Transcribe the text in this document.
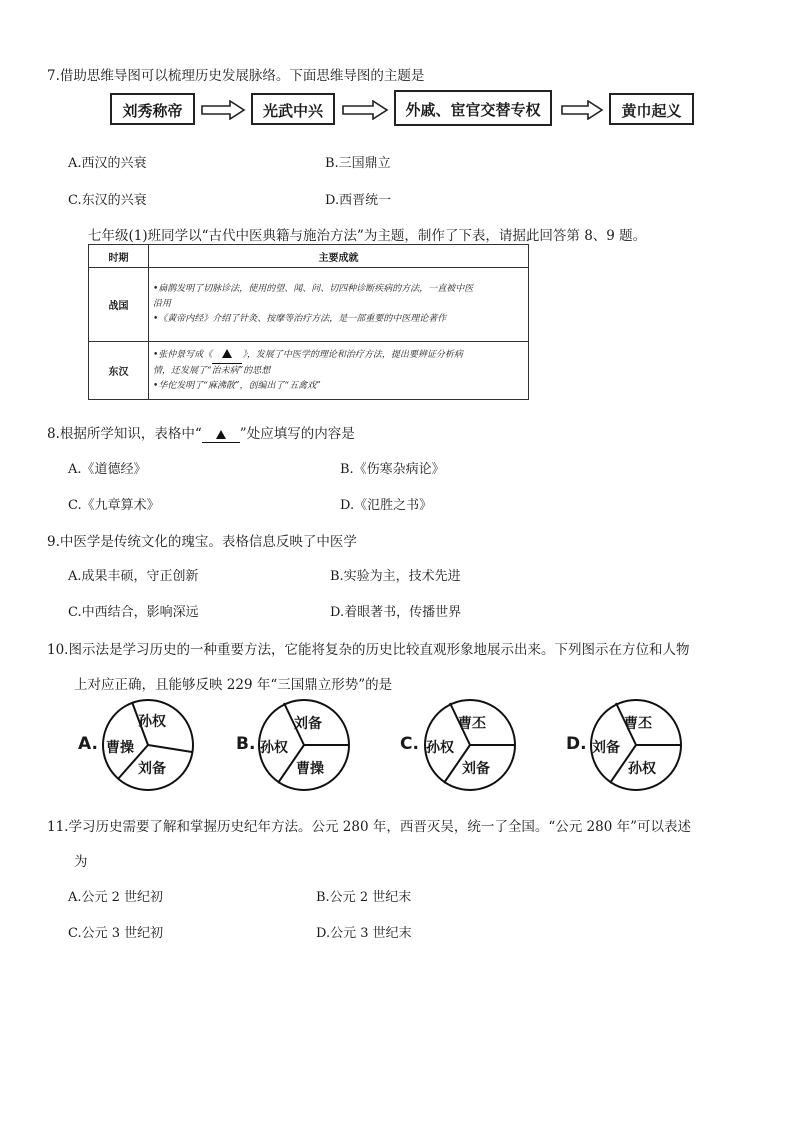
7.借助思维导图可以梳理历史发展脉络。下面思维导图的主题是
刘秀称帝	光武中兴	外戚、宦官交替专权	黄巾起义
A.西汉的兴衰	B.三国鼎立
C.东汉的兴衰	D.西晋统一
七年级(1)班同学以“古代中医典籍与施治方法”为主题，制作了下表，请据此回答第 8、9 题。
时期	主要成就
战国	•扁鹊发明了切脉诊法，使用的望、闻、问、切四种诊断疾病的方法，一直被中医
沿用
•《黄帝内经》介绍了针灸、按摩等治疗方法，是一部重要的中医理论著作

东汉	•张仲景写成《 》，发展了中医学的理论和治疗方法，提出要辨证分析病
情，还发展了“治未病”的思想
•华佗发明了“麻沸散”，创编出了“五禽戏”
8.根据所学知识，表格中“	”处应填写的内容是
A.《道德经》	B.《伤寒杂病论》
C.《九章算术》	D.《氾胜之书》
9.中医学是传统文化的瑰宝。表格信息反映了中医学
A.成果丰硕，守正创新	B.实验为主，技术先进
C.中西结合，影响深远	D.着眼著书，传播世界
10.图示法是学习历史的一种重要方法，它能将复杂的历史比较直观形象地展示出来。下列图示在方位和人物
上对应正确，且能够反映 229 年“三国鼎立形势”的是
A.
孙权
曹操
刘备
B.
刘备
孙权
曹操
C.
曹丕
孙权
刘备
D.
曹丕
刘备
孙权
11.学习历史需要了解和掌握历史纪年方法。公元 280 年，西晋灭吴，统一了全国。“公元 280 年”可以表述
为
A.公元 2 世纪初	B.公元 2 世纪末
C.公元 3 世纪初	D.公元 3 世纪末
